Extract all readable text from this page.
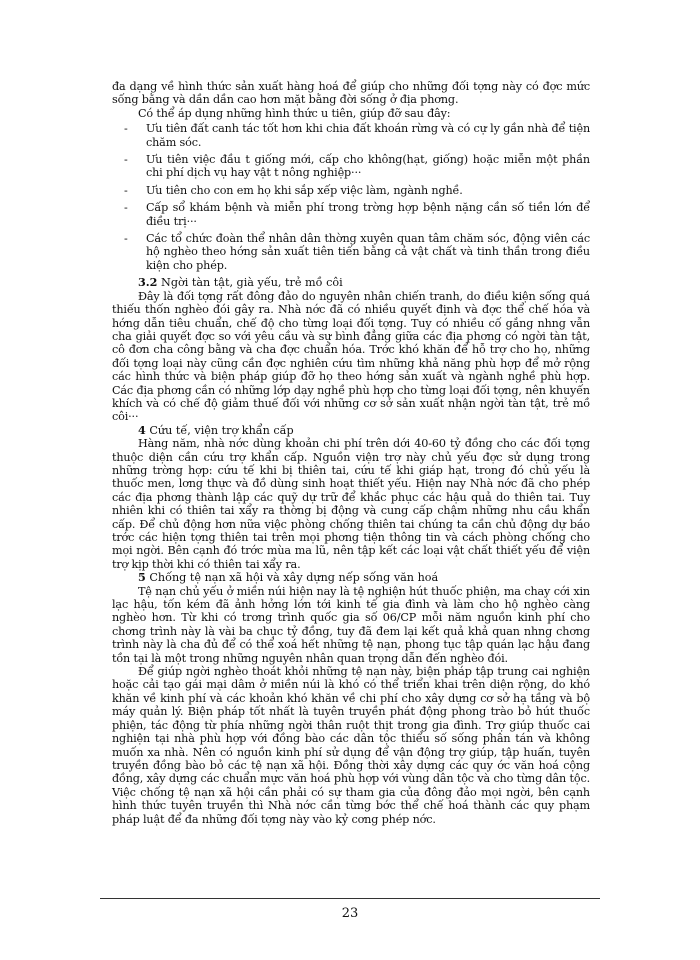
đa dạng về hình thức sản xuất hàng hoá để giúp cho những đối tợng này có đợc mức sống bằng và dần dần cao hơn mặt bằng đời sống ở địa phơng.

Có thể áp dụng những hình thức u tiên, giúp đỡ sau đây:

- Ưu tiên đất canh tác tốt hơn khi chia đất khoán rừng và có cự ly gần nhà để tiện chăm sóc.
- Ưu tiên việc đầu t giống mới, cấp cho không(hạt, giống) hoặc miễn một phần chi phí dịch vụ hay vật t nông nghiệp···
- Ưu tiên cho con em họ khi sắp xếp việc làm, ngành nghề.
- Cấp sổ khám bệnh và miễn phí trong trờng hợp bệnh nặng cần số tiền lớn để điều trị···
- Các tổ chức đoàn thể nhân dân thờng xuyên quan tâm chăm sóc, động viên các hộ nghèo theo hớng sản xuất tiên tiến bằng cả vật chất và tinh thần trong điều kiện cho phép.
3.2 Ngời tàn tật, già yếu, trẻ mồ côi

Đây là đối tợng rất đông đảo do nguyên nhân chiến tranh, do điều kiện sống quá thiếu thốn nghèo đói gây ra. Nhà nớc đã có nhiều quyết định và đợc thể chế hóa và hớng dẫn tiêu chuẩn, chế độ cho từng loại đối tợng. Tuy có nhiều cố gắng nhng vẫn cha giải quyết đợc so với yêu cầu và sự bình đẳng giữa các địa phơng có ngời tàn tật, cô đơn cha công bằng và cha đợc chuẩn hóa. Trớc khó khăn để hỗ trợ cho họ, những đối tợng loại này cũng cần đợc nghiên cứu tìm những khả năng phù hợp để mở rộng các hình thức và biện pháp giúp đỡ họ theo hớng sản xuất và ngành nghề phù hợp. Các địa phơng cần có những lớp dạy nghề phù hợp cho từng loại đối tợng, nên khuyến khích và có chế độ giảm thuế đối với những cơ sở sản xuất nhận ngời tàn tật, trẻ mồ côi···

4 Cứu tế, viện trợ khẩn cấp

Hàng năm, nhà nớc dùng khoản chi phí trên dới 40-60 tỷ đồng cho các đối tợng thuộc diện cần cứu trợ khẩn cấp. Nguồn viện trợ này chủ yếu đợc sử dụng trong những trờng hợp: cứu tế khi bị thiên tai, cứu tế khi giáp hạt, trong đó chủ yếu là thuốc men, lơng thực và đồ dùng sinh hoạt thiết yếu. Hiện nay Nhà nớc đã cho phép các địa phơng thành lập các quỹ dự trữ để khắc phục các hậu quả do thiên tai. Tuy nhiên khi có thiên tai xẩy ra thờng bị động và cung cấp chậm những nhu cầu khẩn cấp. Để chủ động hơn nữa việc phòng chống thiên tai chúng ta cần chủ động dự báo trớc các hiện tợng thiên tai trên mọi phơng tiện thông tin và cách phòng chống cho mọi ngời. Bên cạnh đó trớc mùa ma lũ, nên tập kết các loại vật chất thiết yếu để viện trợ kịp thời khi có thiên tai xẩy ra.

5 Chống tệ nạn xã hội và xây dựng nếp sống văn hoá

Tệ nạn chủ yếu ở miền núi hiện nay là tệ nghiện hút thuốc phiện, ma chay cới xin lạc hậu, tốn kém đã ảnh hởng lớn tới kinh tế gia đình và làm cho hộ nghèo càng nghèo hơn. Từ khi có trơng trình quốc gia số 06/CP mỗi năm nguồn kinh phí cho chơng trình này là vài ba chục tỷ đồng, tuy đã đem lại kết quả khả quan nhng chơng trình này là cha đủ để có thể xoá hết những tệ nạn, phong tục tập quán lạc hậu đang tồn tại là một trong những nguyên nhân quan trọng dẫn đến nghèo đói.

Để giúp ngời nghèo thoát khỏi những tệ nạn này, biện pháp tập trung cai nghiện hoặc cải tạo gái mại dâm ở miền núi là khó có thể triển khai trên diện rộng, do khó khăn về kinh phí và các khoản khó khăn về chi phí cho xây dựng cơ sở hạ tầng và bộ máy quản lý. Biện pháp tốt nhất là tuyên truyền phát động phong trào bỏ hút thuốc phiện, tác động từ phía những ngời thân ruột thịt trong gia đình. Trợ giúp thuốc cai nghiện tại nhà phù hợp với đồng bào các dân tộc thiểu số sống phân tán và không muốn xa nhà. Nên có nguồn kinh phí sử dụng để vận động trợ giúp, tập huấn, tuyên truyền đồng bào bỏ các tệ nạn xã hội. Đồng thời xây dựng các quy ớc văn hoá cộng đồng, xây dựng các chuẩn mực văn hoá phù hợp với vùng dân tộc và cho từng dân tộc. Việc chống tệ nạn xã hội cần phải có sự tham gia của đông đảo mọi ngời, bên cạnh hình thức tuyên truyền thì Nhà nớc cần từng bớc thể chế hoá thành các quy phạm pháp luật để đa những đối tợng này vào kỷ cơng phép nớc.

23
